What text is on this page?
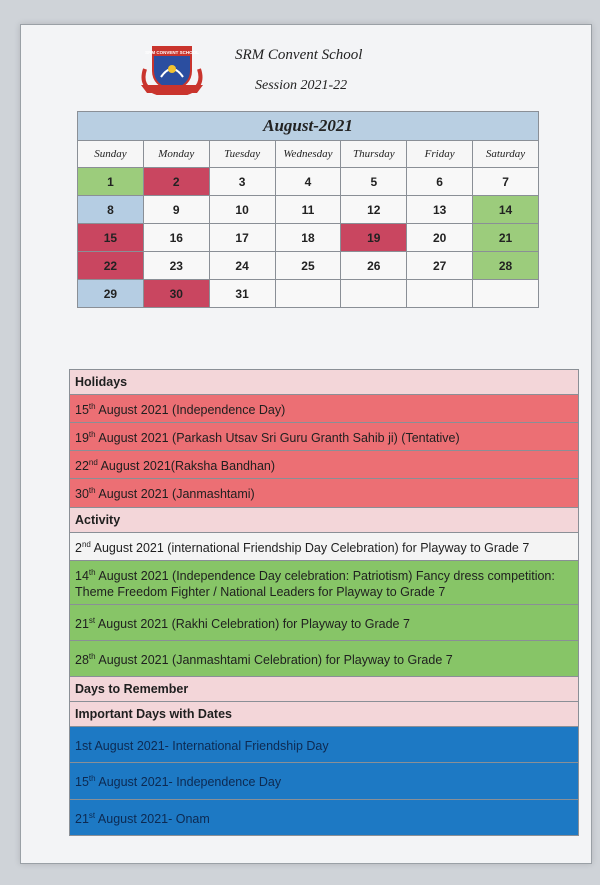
SRM CONVENT SCHOOL SRM Convent School
Session 2021-22
August-2021						
Sunday	Monday	Tuesday	Wednesday	Thursday	Friday	Saturday
1	2	3	4	5	6	7
8	9	10	11	12	13	14
15	16	17	18	19	20	21
22	23	24	25	26	27	28
29	30	31				
Holidays
15th August 2021 (Independence Day)
19th August 2021 (Parkash Utsav Sri Guru Granth Sahib ji) (Tentative)
22nd August 2021(Raksha Bandhan)
30th August 2021 (Janmashtami)
Activity
2nd August 2021 (international Friendship Day Celebration) for Playway to Grade 7
14th August 2021 (Independence Day celebration: Patriotism) Fancy dress competition: Theme Freedom Fighter / National Leaders for Playway to Grade 7
21st August 2021 (Rakhi Celebration) for Playway to Grade 7
28th August 2021 (Janmashtami Celebration) for Playway to Grade 7
Days to Remember
Important Days with Dates
1st August 2021- International Friendship Day
15th August 2021- Independence Day
21st August 2021- Onam
